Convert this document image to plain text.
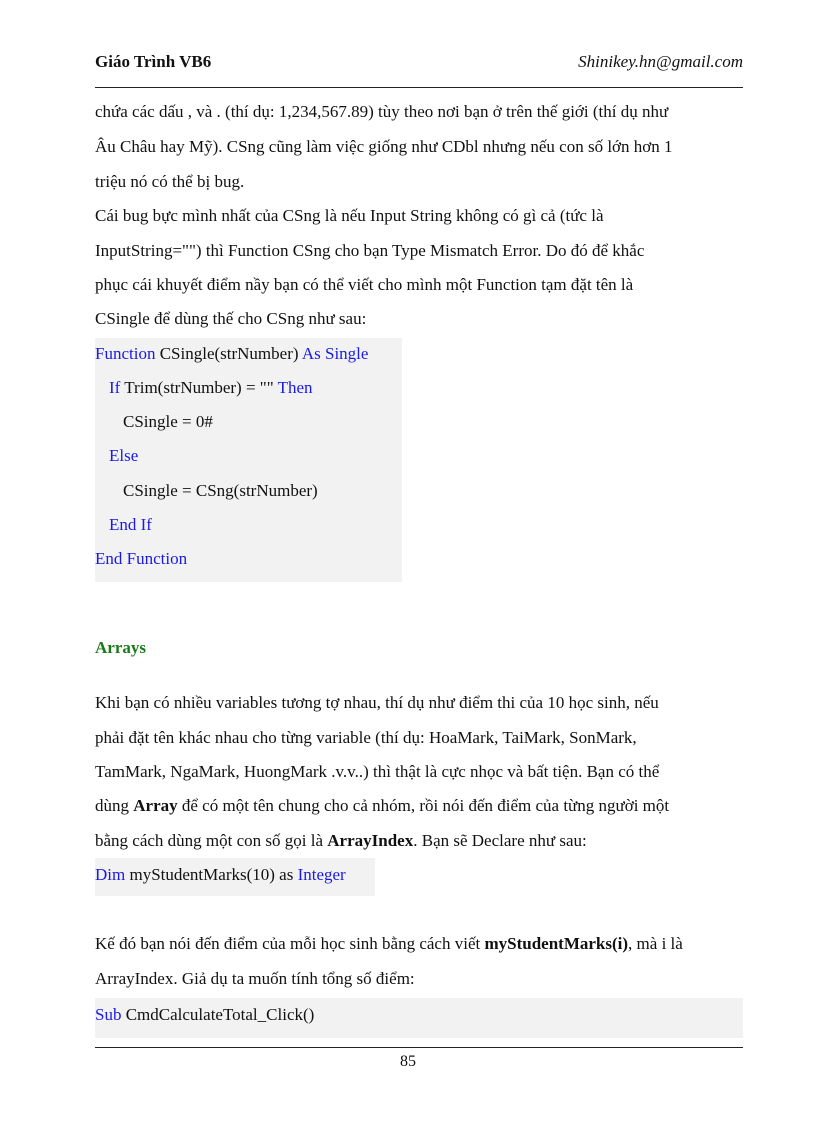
Giáo Trình VB6	Shinikey.hn@gmail.com
chứa các dấu , và . (thí dụ: 1,234,567.89) tùy theo nơi bạn ở trên thế giới (thí dụ như
Âu Châu hay Mỹ). CSng cũng làm việc giống như CDbl nhưng nếu con số lớn hơn 1
triệu nó có thể bị bug.
Cái bug bực mình nhất của CSng là nếu Input String không có gì cả (tức là
InputString="") thì Function CSng cho bạn Type Mismatch Error. Do đó để khắc
phục cái khuyết điểm nầy bạn có thể viết cho mình một Function tạm đặt tên là
CSingle để dùng thế cho CSng như sau:
Function CSingle(strNumber) As Single
If Trim(strNumber) = "" Then
CSingle = 0#
Else
CSingle = CSng(strNumber)
End If
End Function
Arrays
Khi bạn có nhiều variables tương tợ nhau, thí dụ như điểm thi của 10 học sinh, nếu
phải đặt tên khác nhau cho từng variable (thí dụ: HoaMark, TaiMark, SonMark,
TamMark, NgaMark, HuongMark .v.v..) thì thật là cực nhọc và bất tiện. Bạn có thể
dùng Array để có một tên chung cho cả nhóm, rồi nói đến điểm của từng người một
bằng cách dùng một con số gọi là ArrayIndex. Bạn sẽ Declare như sau:
Dim myStudentMarks(10) as Integer
Kế đó bạn nói đến điểm của mỗi học sinh bằng cách viết myStudentMarks(i), mà i là
ArrayIndex. Giả dụ ta muốn tính tổng số điểm:
Sub CmdCalculateTotal_Click()
85
